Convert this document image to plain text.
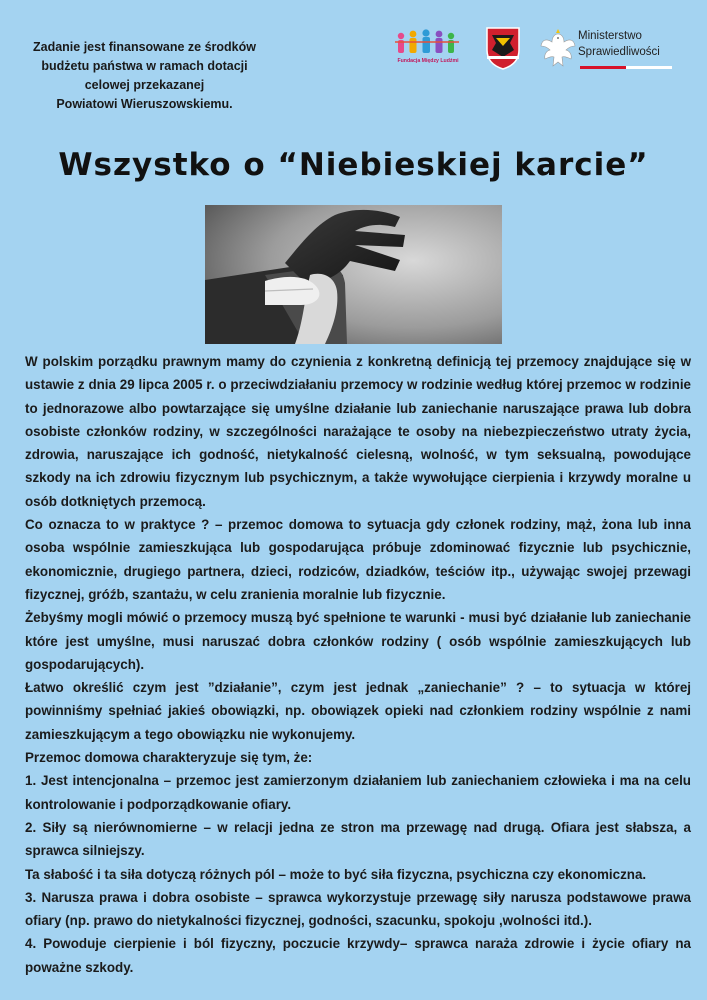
Zadanie jest finansowane ze środków
budżetu państwa w ramach dotacji
celowej przekazanej
Powiatowi Wieruszowskiemu.
Fundacja Między Ludźmi
Ministerstwo
Sprawiedliwości
Wszystko o “Niebieskiej karcie”

W polskim porządku prawnym mamy do czynienia z konkretną definicją tej przemocy znajdujące się w ustawie z dnia 29 lipca 2005 r. o przeciwdziałaniu przemocy w rodzinie według której przemoc w rodzinie to jednorazowe albo powtarzające się umyślne działanie lub zaniechanie naruszające prawa lub dobra osobiste członków rodziny, w szczególności narażające te osoby na niebezpieczeństwo utraty życia, zdrowia, naruszające ich godność, nietykalność cielesną, wolność, w tym seksualną, powodujące szkody na ich zdrowiu fizycznym lub psychicznym, a także wywołujące cierpienia i krzywdy moralne u osób dotkniętych przemocą.

Co oznacza to w praktyce ? – przemoc domowa to sytuacja gdy członek rodziny, mąż, żona lub inna osoba wspólnie zamieszkująca lub gospodarująca próbuje zdominować fizycznie lub psychicznie, ekonomicznie, drugiego partnera, dzieci, rodziców, dziadków, teściów itp., używając swojej przewagi fizycznej, gróźb, szantażu, w celu zranienia moralnie lub fizycznie.

Żebyśmy mogli mówić o przemocy muszą być spełnione te warunki - musi być działanie lub zaniechanie które jest umyślne, musi naruszać dobra członków rodziny ( osób wspólnie zamieszkujących lub gospodarujących).

Łatwo określić czym jest ”działanie”, czym jest jednak „zaniechanie” ? – to sytuacja w której powinniśmy spełniać jakieś obowiązki, np. obowiązek opieki nad członkiem rodziny wspólnie z nami zamieszkującym a tego obowiązku nie wykonujemy.

Przemoc domowa charakteryzuje się tym, że:

1. Jest intencjonalna – przemoc jest zamierzonym działaniem lub zaniechaniem człowieka i ma na celu kontrolowanie i podporządkowanie ofiary.

2. Siły są nierównomierne – w relacji jedna ze stron ma przewagę nad drugą. Ofiara jest słabsza, a sprawca silniejszy.

Ta słabość i ta siła dotyczą różnych pól – może to być siła fizyczna, psychiczna czy ekonomiczna.

3. Narusza prawa i dobra osobiste – sprawca wykorzystuje przewagę siły narusza podstawowe prawa ofiary (np. prawo do nietykalności fizycznej, godności, szacunku, spokoju ,wolności itd.).

4. Powoduje cierpienie i ból fizyczny, poczucie krzywdy– sprawca naraża zdrowie i życie ofiary na poważne szkody.
